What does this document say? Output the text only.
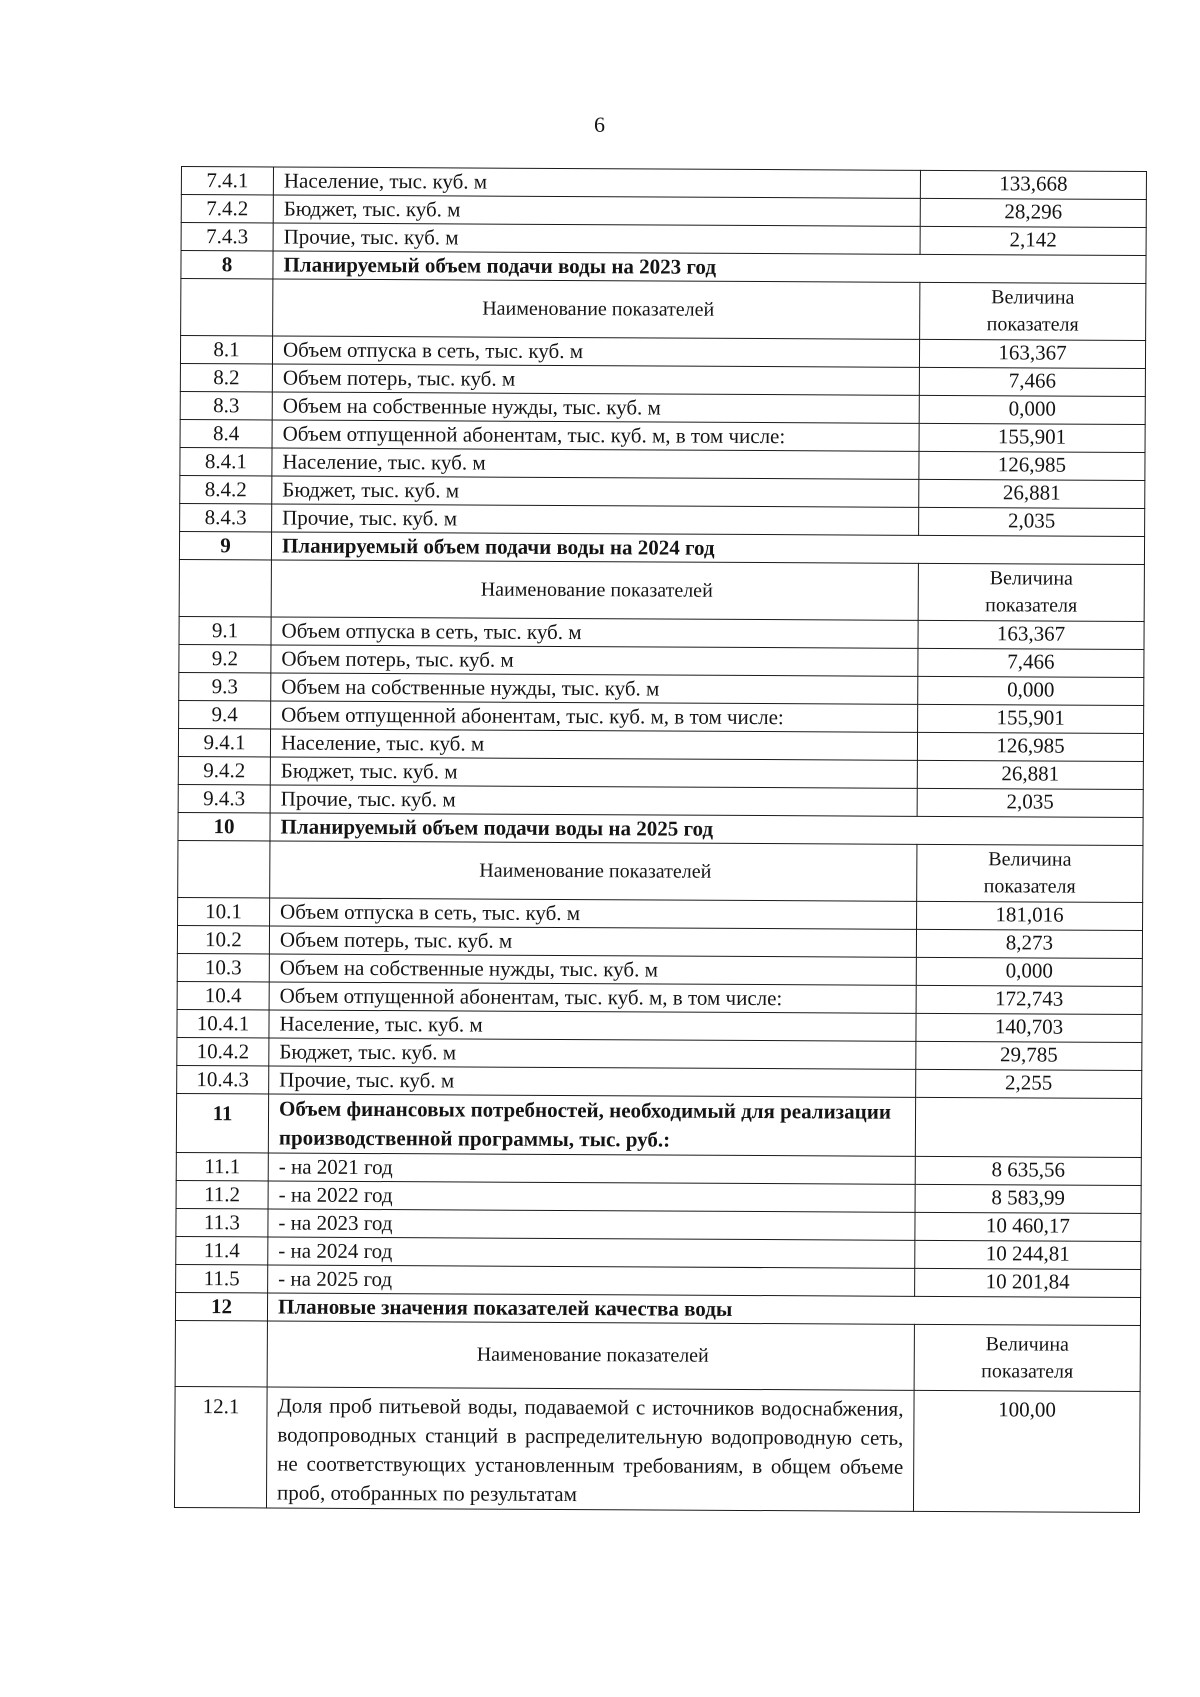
6
7.4.1	Население, тыс. куб. м	133,668
7.4.2	Бюджет, тыс. куб. м	28,296
7.4.3	Прочие, тыс. куб. м	2,142
8	Планируемый объем подачи воды на 2023 год	
	Наименование показателей	Величина
показателя
8.1	Объем отпуска в сеть, тыс. куб. м	163,367
8.2	Объем потерь, тыс. куб. м	7,466
8.3	Объем на собственные нужды, тыс. куб. м	0,000
8.4	Объем отпущенной абонентам, тыс. куб. м, в том числе:	155,901
8.4.1	Население, тыс. куб. м	126,985
8.4.2	Бюджет, тыс. куб. м	26,881
8.4.3	Прочие, тыс. куб. м	2,035
9	Планируемый объем подачи воды на 2024 год	
	Наименование показателей	Величина
показателя
9.1	Объем отпуска в сеть, тыс. куб. м	163,367
9.2	Объем потерь, тыс. куб. м	7,466
9.3	Объем на собственные нужды, тыс. куб. м	0,000
9.4	Объем отпущенной абонентам, тыс. куб. м, в том числе:	155,901
9.4.1	Население, тыс. куб. м	126,985
9.4.2	Бюджет, тыс. куб. м	26,881
9.4.3	Прочие, тыс. куб. м	2,035
10	Планируемый объем подачи воды на 2025 год	
	Наименование показателей	Величина
показателя
10.1	Объем отпуска в сеть, тыс. куб. м	181,016
10.2	Объем потерь, тыс. куб. м	8,273
10.3	Объем на собственные нужды, тыс. куб. м	0,000
10.4	Объем отпущенной абонентам, тыс. куб. м, в том числе:	172,743
10.4.1	Население, тыс. куб. м	140,703
10.4.2	Бюджет, тыс. куб. м	29,785
10.4.3	Прочие, тыс. куб. м	2,255
11	Объем финансовых потребностей, необходимый для реализации производственной программы, тыс. руб.:	
11.1	- на 2021 год	8 635,56
11.2	- на 2022 год	8 583,99
11.3	- на 2023 год	10 460,17
11.4	- на 2024 год	10 244,81
11.5	- на 2025 год	10 201,84
12	Плановые значения показателей качества воды	
	Наименование показателей	Величина
показателя
12.1	Доля проб питьевой воды, подаваемой с источников водоснабжения, водопроводных станций в распределительную водопроводную сеть, не соответствующих установленным требованиям, в общем объеме проб, отобранных по результатам	100,00
